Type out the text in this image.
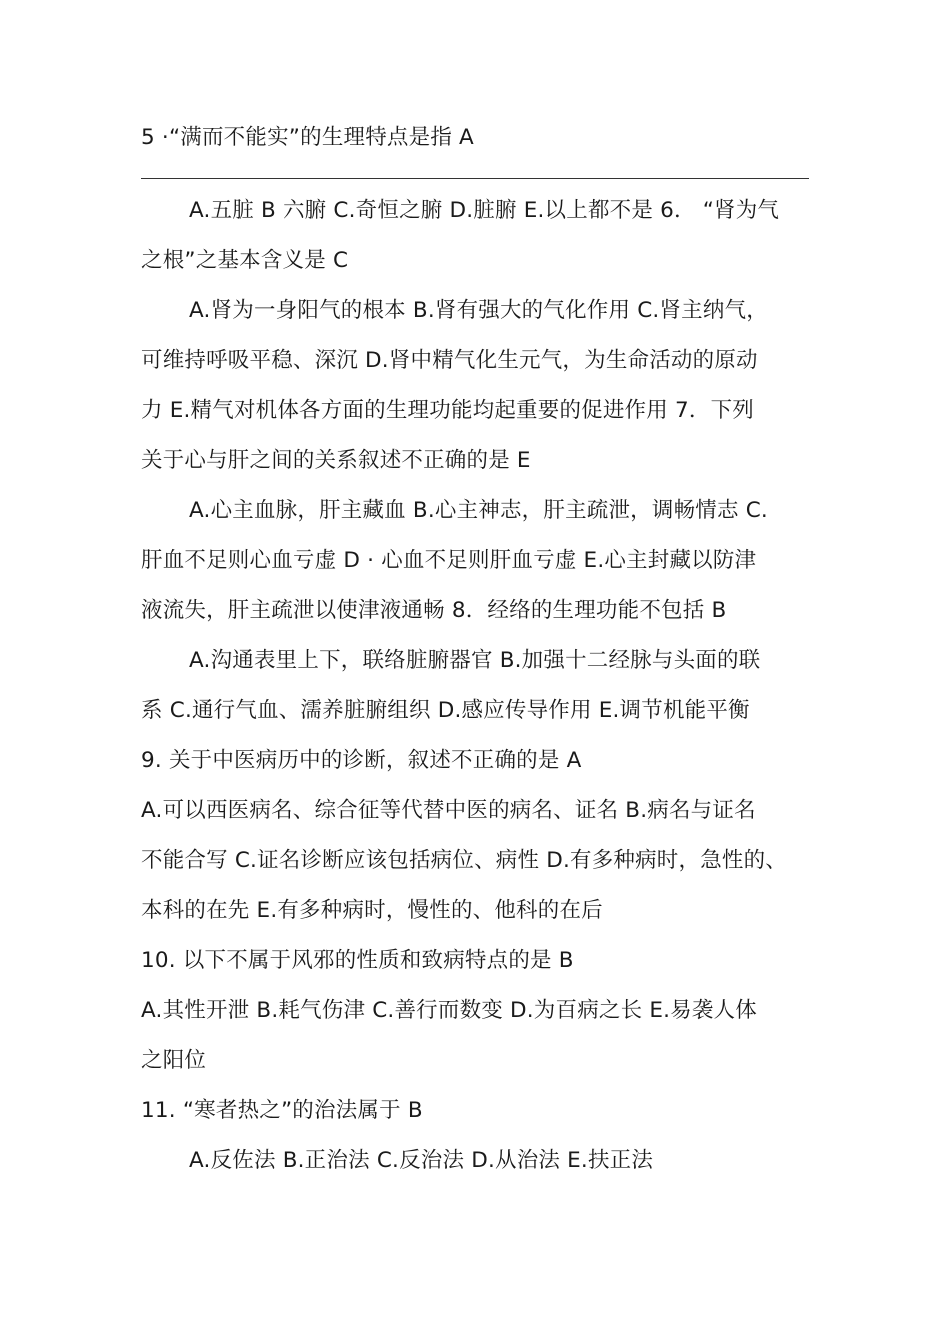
5 ·“满而不能实”的生理特点是指 A
A.五脏 B 六腑 C.奇恒之腑 D.脏腑 E.以上都不是 6． “肾为气
之根”之基本含义是 C
A.肾为一身阳气的根本 B.肾有强大的气化作用 C.肾主纳气，
可维持呼吸平稳、深沉 D.肾中精气化生元气，为生命活动的原动
力 E.精气对机体各方面的生理功能均起重要的促进作用 7．下列
关于心与肝之间的关系叙述不正确的是 E
A.心主血脉，肝主藏血 B.心主神志，肝主疏泄，调畅情志 C.
肝血不足则心血亏虚 D · 心血不足则肝血亏虚 E.心主封藏以防津
液流失，肝主疏泄以使津液通畅 8．经络的生理功能不包括 B
A.沟通表里上下，联络脏腑器官 B.加强十二经脉与头面的联
系 C.通行气血、濡养脏腑组织 D.感应传导作用 E.调节机能平衡
9. 关于中医病历中的诊断，叙述不正确的是 A
A.可以西医病名、综合征等代替中医的病名、证名 B.病名与证名
不能合写 C.证名诊断应该包括病位、病性 D.有多种病时，急性的、
本科的在先 E.有多种病时，慢性的、他科的在后
10. 以下不属于风邪的性质和致病特点的是 B
A.其性开泄 B.耗气伤津 C.善行而数变 D.为百病之长 E.易袭人体
之阳位
11. “寒者热之”的治法属于 B
A.反佐法 B.正治法 C.反治法 D.从治法 E.扶正法
